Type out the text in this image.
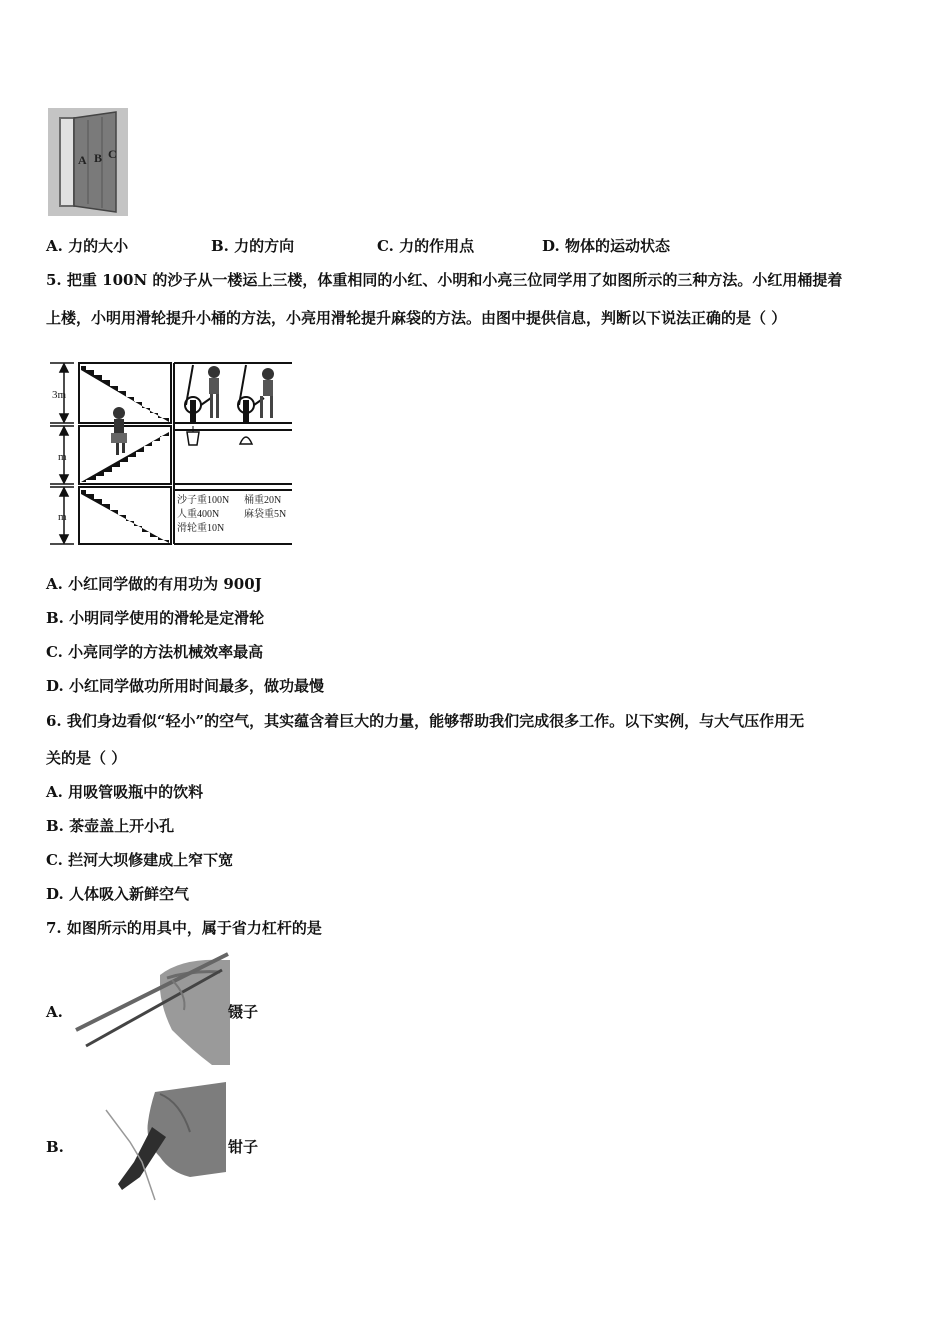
A B C
A. 力的大小	B. 力的方向	C. 力的作用点	D. 物体的运动状态
5. 把重 100N 的沙子从一楼运上三楼，体重相同的小红、小明和小亮三位同学用了如图所示的三种方法。小红用桶提着
上楼，小明用滑轮提升小桶的方法，小亮用滑轮提升麻袋的方法。由图中提供信息，判断以下说法正确的是（ ）
3m
m
m
沙子重100N 桶重20N
人重400N 麻袋重5N
滑轮重10N
A. 小红同学做的有用功为 900J
B. 小明同学使用的滑轮是定滑轮
C. 小亮同学的方法机械效率最高
D. 小红同学做功所用时间最多，做功最慢
6. 我们身边看似“轻小”的空气，其实蕴含着巨大的力量，能够帮助我们完成很多工作。以下实例，与大气压作用无
关的是（ ）
A. 用吸管吸瓶中的饮料
B. 茶壶盖上开小孔
C. 拦河大坝修建成上窄下宽
D. 人体吸入新鲜空气
7. 如图所示的用具中，属于省力杠杆的是
A.	镊子
B.	钳子
